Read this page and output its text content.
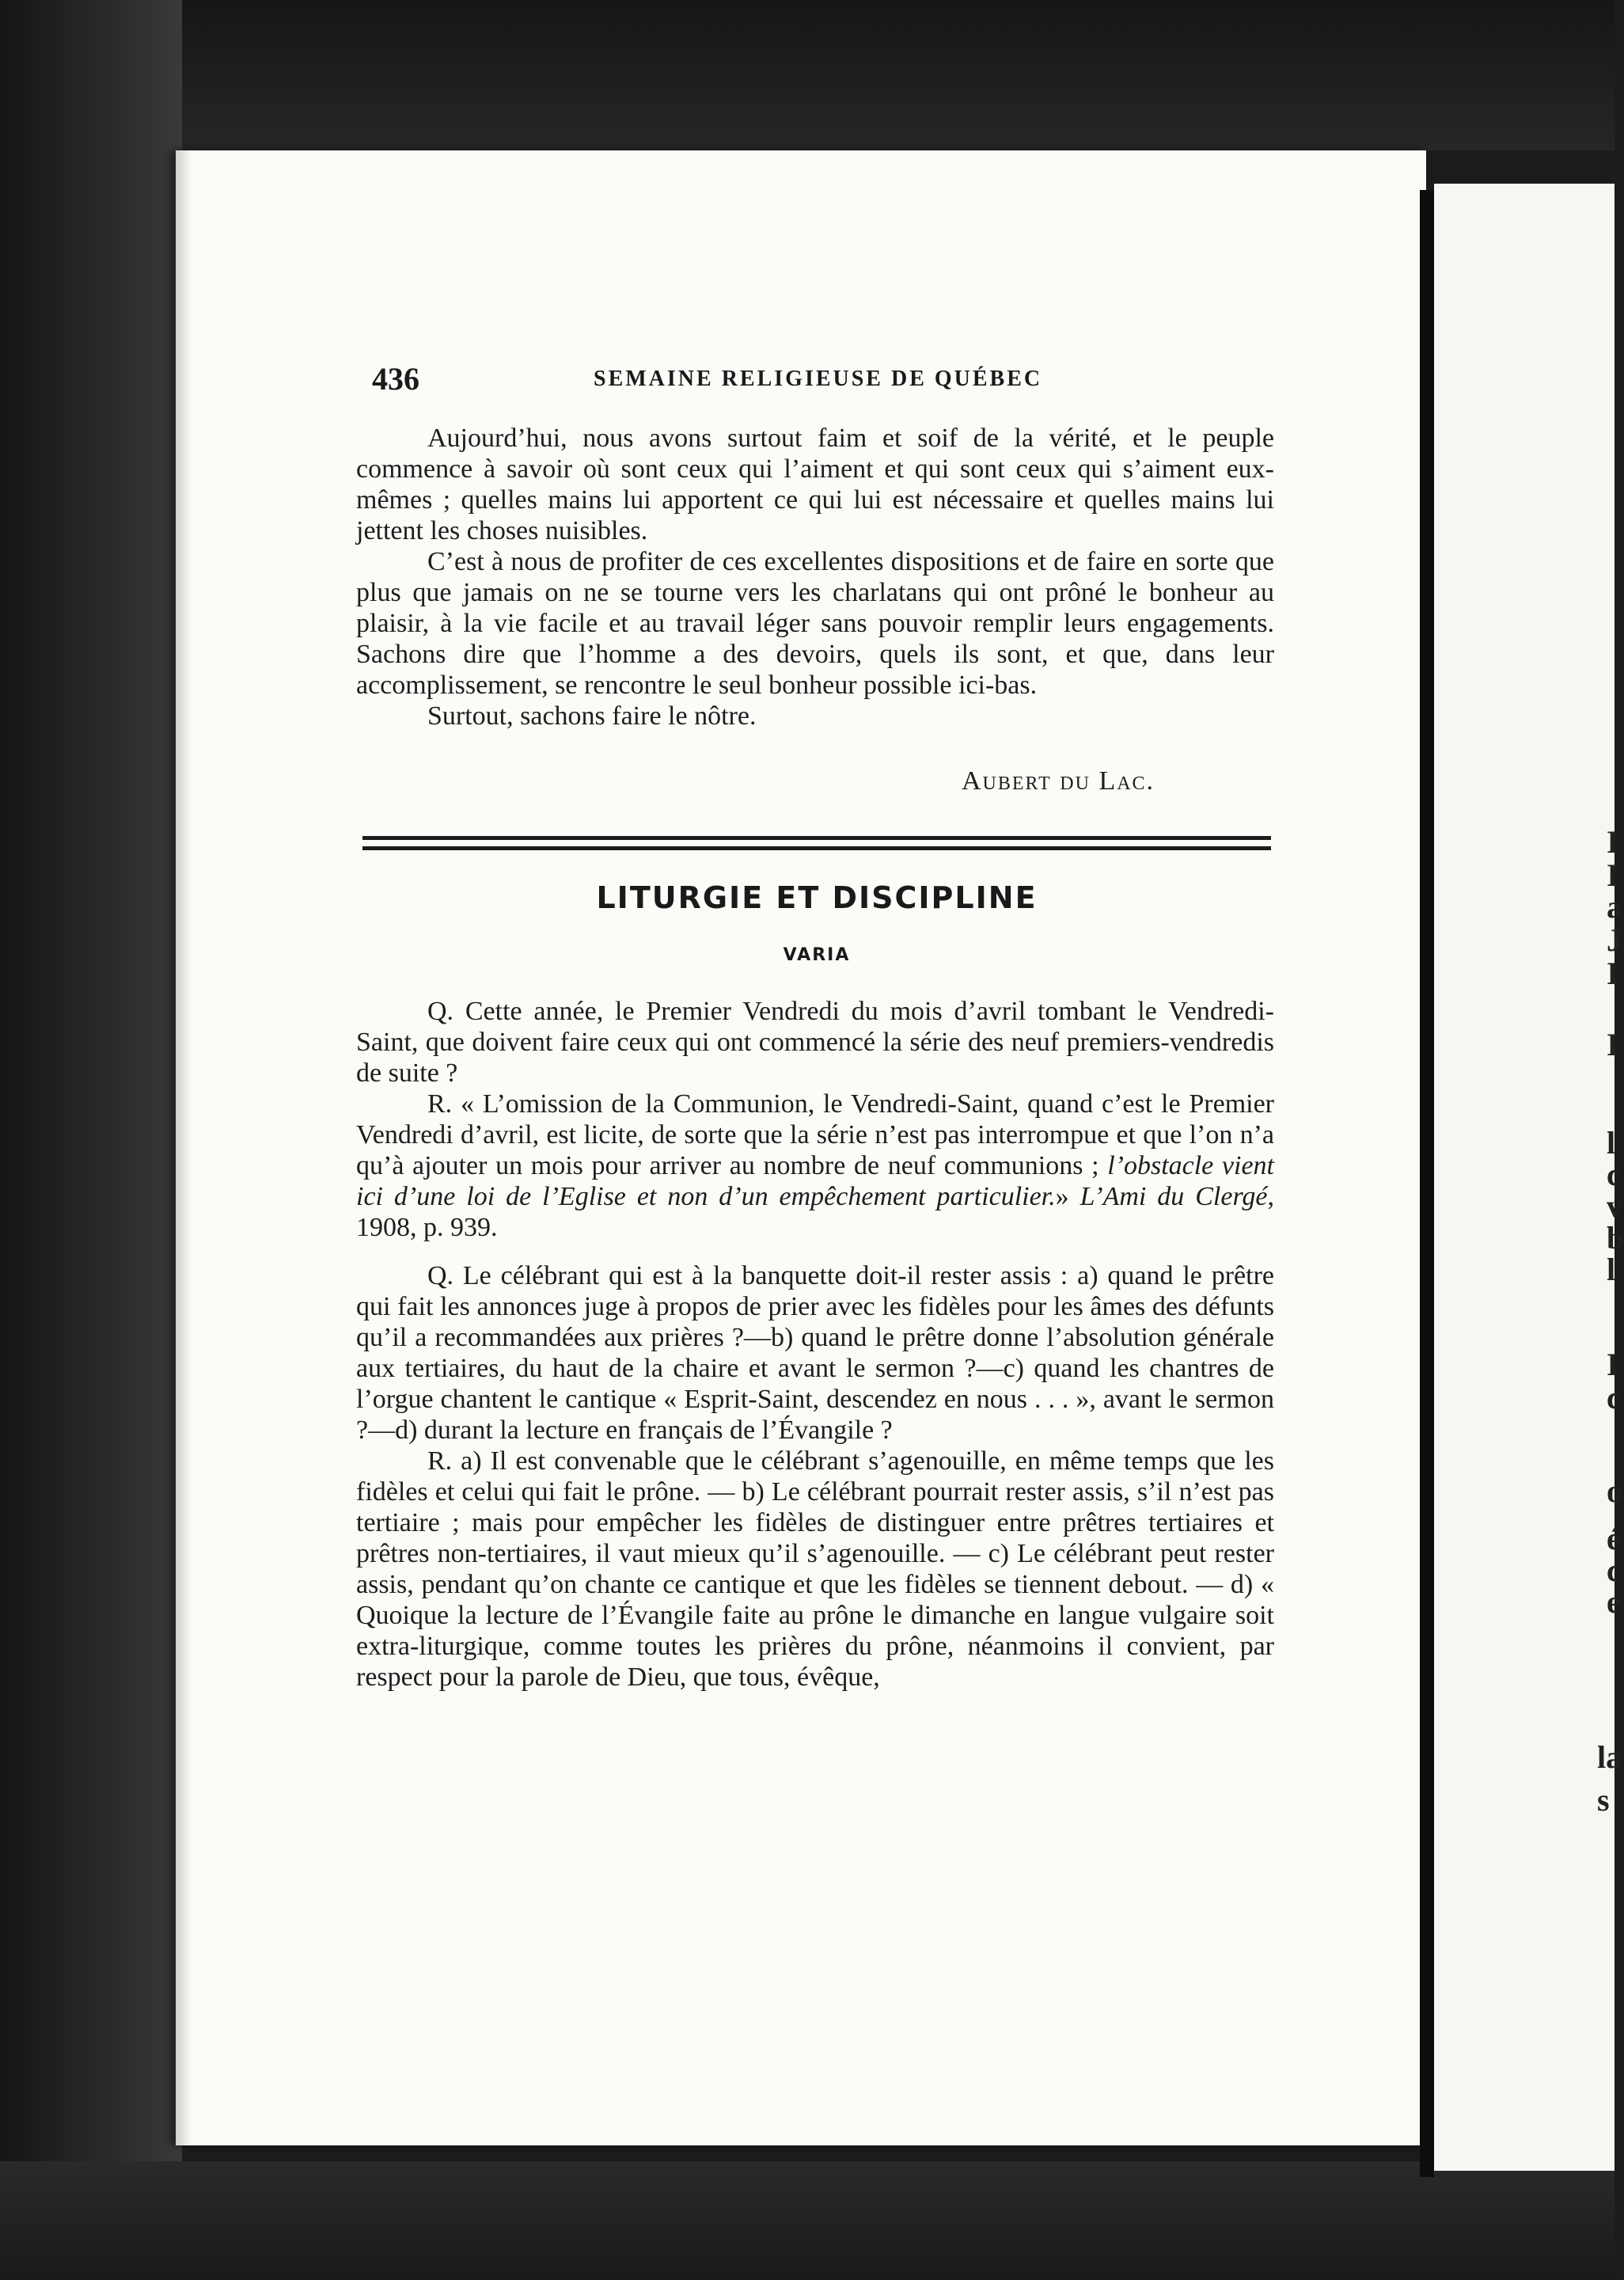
I
I
a
J
I
I
l
c
v
b
l
I
c
o
é
c
e
la
s
436	SEMAINE RELIGIEUSE DE QUÉBEC

Aujourd’hui, nous avons surtout faim et soif de la vérité, et le peuple commence à savoir où sont ceux qui l’aiment et qui sont ceux qui s’aiment eux-mêmes ; quelles mains lui apportent ce qui lui est nécessaire et quelles mains lui jettent les choses nuisibles.

C’est à nous de profiter de ces excellentes dispositions et de faire en sorte que plus que jamais on ne se tourne vers les charlatans qui ont prôné le bonheur au plaisir, à la vie facile et au travail léger sans pouvoir remplir leurs engagements. Sachons dire que l’homme a des devoirs, quels ils sont, et que, dans leur accomplissement, se rencontre le seul bonheur possible ici-bas.

Surtout, sachons faire le nôtre.

Aubert du Lac.
LITURGIE ET DISCIPLINE
VARIA

Q. Cette année, le Premier Vendredi du mois d’avril tombant le Vendredi-Saint, que doivent faire ceux qui ont commencé la série des neuf premiers-vendredis de suite ?

R. « L’omission de la Communion, le Vendredi-Saint, quand c’est le Premier Vendredi d’avril, est licite, de sorte que la série n’est pas interrompue et que l’on n’a qu’à ajouter un mois pour arriver au nombre de neuf communions ; l’obstacle vient ici d’une loi de l’Eglise et non d’un empêchement particulier.» L’Ami du Clergé, 1908, p. 939.

Q. Le célébrant qui est à la banquette doit-il rester assis : a) quand le prêtre qui fait les annonces juge à propos de prier avec les fidèles pour les âmes des défunts qu’il a recommandées aux prières ?—b) quand le prêtre donne l’absolution générale aux tertiaires, du haut de la chaire et avant le sermon ?—c) quand les chantres de l’orgue chantent le cantique « Esprit-Saint, descendez en nous . . . », avant le sermon ?—d) durant la lecture en français de l’Évangile ?

R. a) Il est convenable que le célébrant s’agenouille, en même temps que les fidèles et celui qui fait le prône. — b) Le célébrant pourrait rester assis, s’il n’est pas tertiaire ; mais pour empêcher les fidèles de distinguer entre prêtres tertiaires et prêtres non-tertiaires, il vaut mieux qu’il s’agenouille. — c) Le célébrant peut rester assis, pendant qu’on chante ce cantique et que les fidèles se tiennent debout. — d) « Quoique la lecture de l’Évangile faite au prône le dimanche en langue vulgaire soit extra-liturgique, comme toutes les prières du prône, néanmoins il convient, par respect pour la parole de Dieu, que tous, évêque,
